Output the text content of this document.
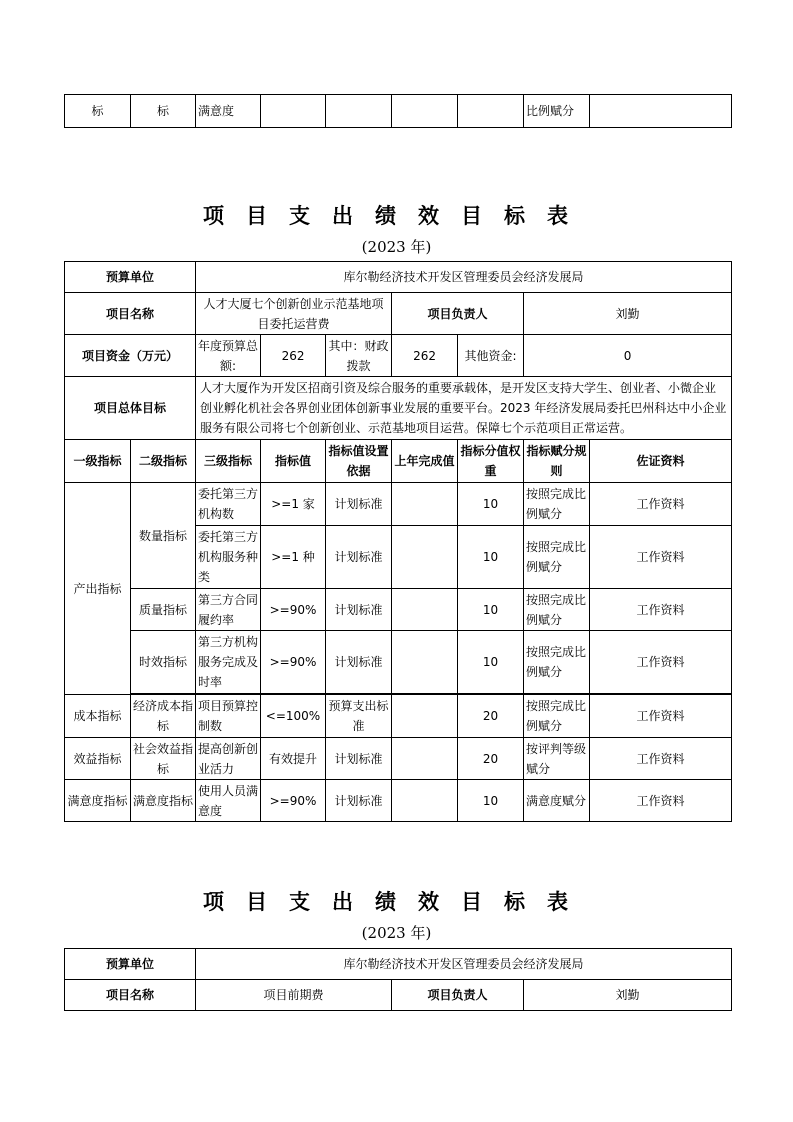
标	标	满意度					比例赋分	
项目支出绩效目标表
(2023 年)
预算单位		库尔勒经济技术开发区管理委员会经济发展局						
项目名称		人才大厦七个创新创业示范基地项目委托运营费			项目负责人		刘勤	
项目资金（万元）		年度预算总额:	262	其中：财政拨款	262	其他资金:	0	
项目总体目标		人才大厦作为开发区招商引资及综合服务的重要承载体，是开发区支持大学生、创业者、小微企业创业孵化机社会各界创业团体创新事业发展的重要平台。2023 年经济发展局委托巴州科达中小企业服务有限公司将七个创新创业、示范基地项目运营。保障七个示范项目正常运营。						
一级指标	二级指标	三级指标	指标值	指标值设置依据	上年完成值	指标分值权重	指标赋分规则	佐证资料
产出指标	数量指标	委托第三方机构数	>=1 家	计划标准		10	按照完成比例赋分	工作资料
		委托第三方机构服务种类	>=1 种	计划标准		10	按照完成比例赋分	工作资料
	质量指标	第三方合同履约率	>=90%	计划标准		10	按照完成比例赋分	工作资料
	时效指标	第三方机构服务完成及时率	>=90%	计划标准		10	按照完成比例赋分	工作资料

成本指标	经济成本指标	项目预算控制数	<=100%	预算支出标准		20	按照完成比例赋分	工作资料
效益指标	社会效益指标	提高创新创业活力	有效提升	计划标准		20	按评判等级赋分	工作资料
满意度指标	满意度指标	使用人员满意度	>=90%	计划标准		10	满意度赋分	工作资料
项目支出绩效目标表
(2023 年)
预算单位	库尔勒经济技术开发区管理委员会经济发展局		
项目名称	项目前期费	项目负责人	刘勤
